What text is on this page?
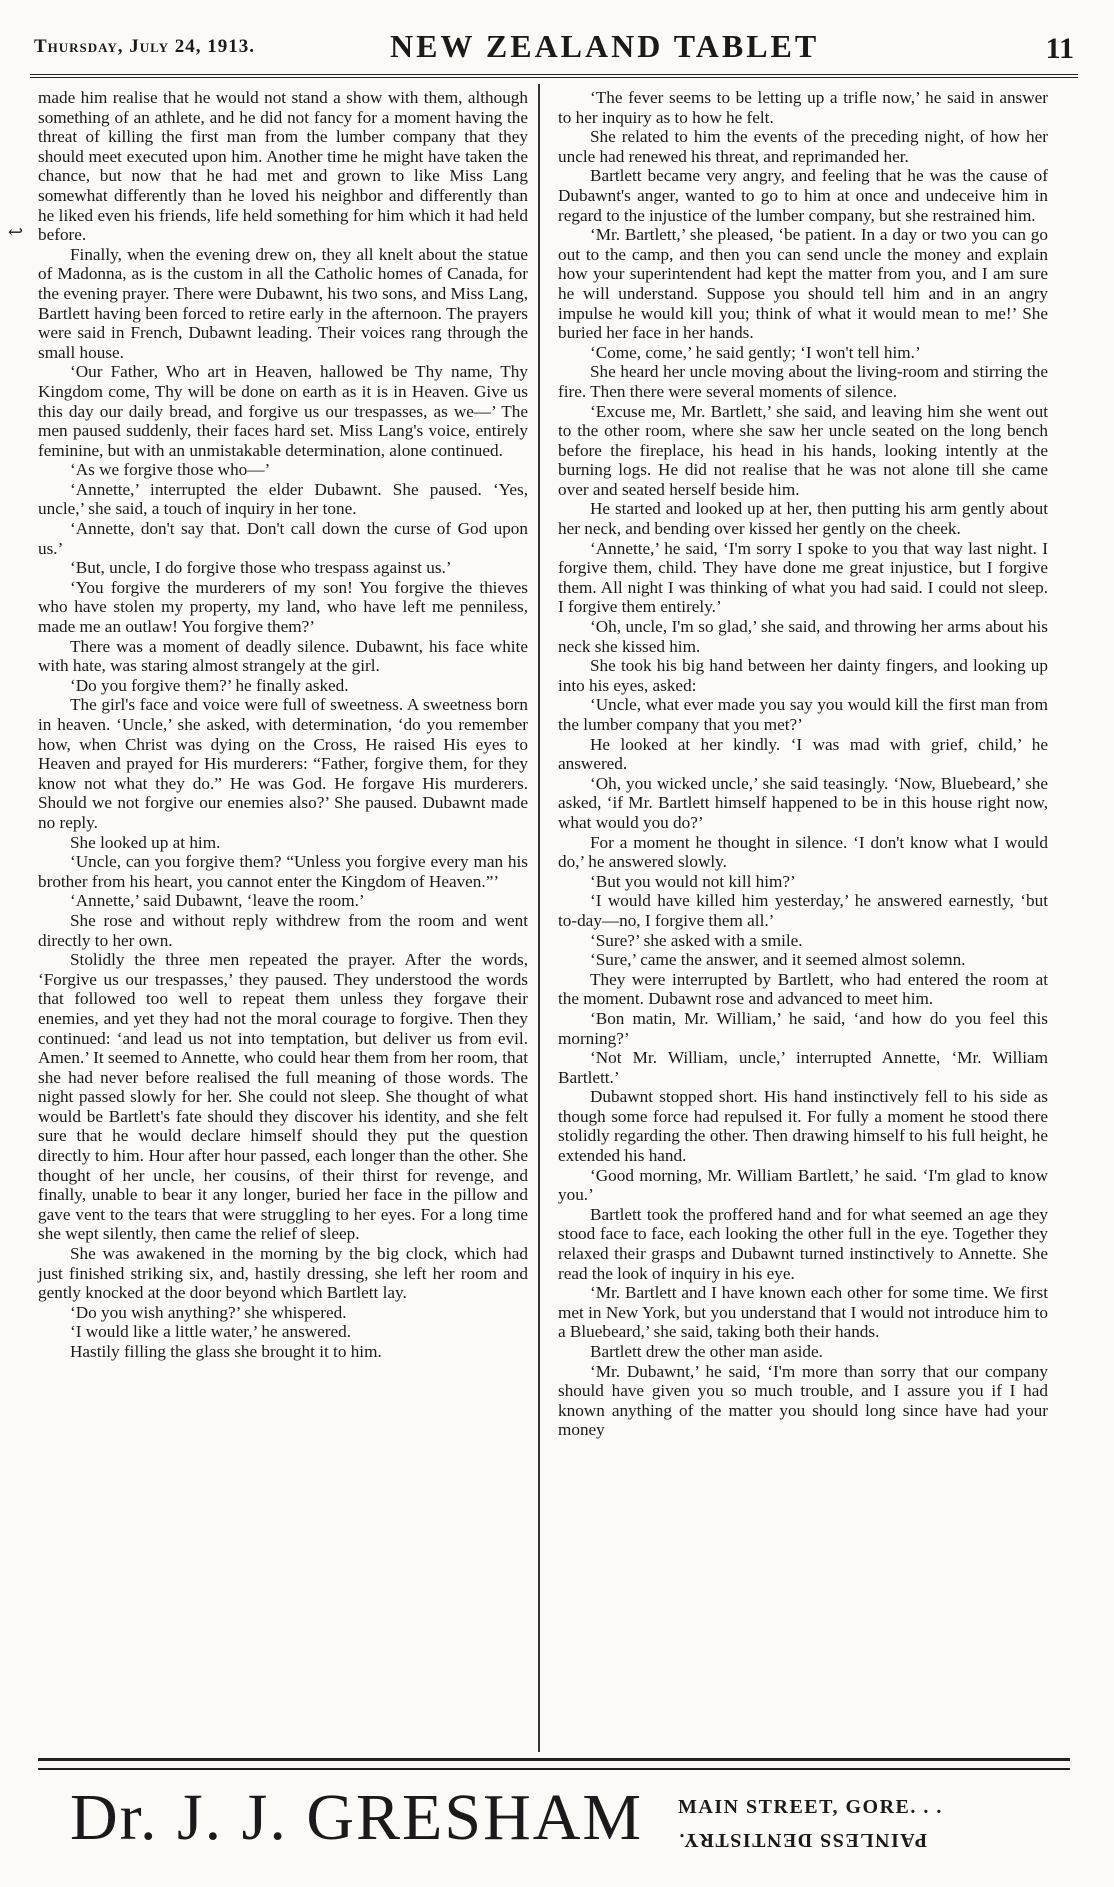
Thursday, July 24, 1913.	NEW ZEALAND TABLET	11
↩

made him realise that he would not stand a show with them, although something of an athlete, and he did not fancy for a moment having the threat of killing the first man from the lumber company that they should meet executed upon him. Another time he might have taken the chance, but now that he had met and grown to like Miss Lang somewhat differently than he loved his neighbor and differently than he liked even his friends, life held something for him which it had held before.

Finally, when the evening drew on, they all knelt about the statue of Madonna, as is the custom in all the Catholic homes of Canada, for the evening prayer. There were Dubawnt, his two sons, and Miss Lang, Bartlett having been forced to retire early in the afternoon. The prayers were said in French, Dubawnt leading. Their voices rang through the small house.

‘Our Father, Who art in Heaven, hallowed be Thy name, Thy Kingdom come, Thy will be done on earth as it is in Heaven. Give us this day our daily bread, and forgive us our trespasses, as we—’ The men paused suddenly, their faces hard set. Miss Lang's voice, entirely feminine, but with an unmistakable determination, alone continued.

‘As we forgive those who—’

‘Annette,’ interrupted the elder Dubawnt. She paused. ‘Yes, uncle,’ she said, a touch of inquiry in her tone.

‘Annette, don't say that. Don't call down the curse of God upon us.’

‘But, uncle, I do forgive those who trespass against us.’

‘You forgive the murderers of my son! You forgive the thieves who have stolen my property, my land, who have left me penniless, made me an outlaw! You forgive them?’

There was a moment of deadly silence. Dubawnt, his face white with hate, was staring almost strangely at the girl.

‘Do you forgive them?’ he finally asked.

The girl's face and voice were full of sweetness. A sweetness born in heaven. ‘Uncle,’ she asked, with determination, ‘do you remember how, when Christ was dying on the Cross, He raised His eyes to Heaven and prayed for His murderers: “Father, forgive them, for they know not what they do.” He was God. He forgave His murderers. Should we not forgive our enemies also?’ She paused. Dubawnt made no reply.

She looked up at him.

‘Uncle, can you forgive them? “Unless you forgive every man his brother from his heart, you cannot enter the Kingdom of Heaven.”’

‘Annette,’ said Dubawnt, ‘leave the room.’

She rose and without reply withdrew from the room and went directly to her own.

Stolidly the three men repeated the prayer. After the words, ‘Forgive us our trespasses,’ they paused. They understood the words that followed too well to repeat them unless they forgave their enemies, and yet they had not the moral courage to forgive. Then they continued: ‘and lead us not into temptation, but deliver us from evil. Amen.’ It seemed to Annette, who could hear them from her room, that she had never before realised the full meaning of those words. The night passed slowly for her. She could not sleep. She thought of what would be Bartlett's fate should they discover his identity, and she felt sure that he would declare himself should they put the question directly to him. Hour after hour passed, each longer than the other. She thought of her uncle, her cousins, of their thirst for revenge, and finally, unable to bear it any longer, buried her face in the pillow and gave vent to the tears that were struggling to her eyes. For a long time she wept silently, then came the relief of sleep.

She was awakened in the morning by the big clock, which had just finished striking six, and, hastily dressing, she left her room and gently knocked at the door beyond which Bartlett lay.

‘Do you wish anything?’ she whispered.

‘I would like a little water,’ he answered.

Hastily filling the glass she brought it to him.

‘The fever seems to be letting up a trifle now,’ he said in answer to her inquiry as to how he felt.

She related to him the events of the preceding night, of how her uncle had renewed his threat, and reprimanded her.

Bartlett became very angry, and feeling that he was the cause of Dubawnt's anger, wanted to go to him at once and undeceive him in regard to the injustice of the lumber company, but she restrained him.

‘Mr. Bartlett,’ she pleased, ‘be patient. In a day or two you can go out to the camp, and then you can send uncle the money and explain how your superintendent had kept the matter from you, and I am sure he will understand. Suppose you should tell him and in an angry impulse he would kill you; think of what it would mean to me!’ She buried her face in her hands.

‘Come, come,’ he said gently; ‘I won't tell him.’

She heard her uncle moving about the living-room and stirring the fire. Then there were several moments of silence.

‘Excuse me, Mr. Bartlett,’ she said, and leaving him she went out to the other room, where she saw her uncle seated on the long bench before the fireplace, his head in his hands, looking intently at the burning logs. He did not realise that he was not alone till she came over and seated herself beside him.

He started and looked up at her, then putting his arm gently about her neck, and bending over kissed her gently on the cheek.

‘Annette,’ he said, ‘I'm sorry I spoke to you that way last night. I forgive them, child. They have done me great injustice, but I forgive them. All night I was thinking of what you had said. I could not sleep. I forgive them entirely.’

‘Oh, uncle, I'm so glad,’ she said, and throwing her arms about his neck she kissed him.

She took his big hand between her dainty fingers, and looking up into his eyes, asked:

‘Uncle, what ever made you say you would kill the first man from the lumber company that you met?’

He looked at her kindly. ‘I was mad with grief, child,’ he answered.

‘Oh, you wicked uncle,’ she said teasingly. ‘Now, Bluebeard,’ she asked, ‘if Mr. Bartlett himself happened to be in this house right now, what would you do?’

For a moment he thought in silence. ‘I don't know what I would do,’ he answered slowly.

‘But you would not kill him?’

‘I would have killed him yesterday,’ he answered earnestly, ‘but to-day—no, I forgive them all.’

‘Sure?’ she asked with a smile.

‘Sure,’ came the answer, and it seemed almost solemn.

They were interrupted by Bartlett, who had entered the room at the moment. Dubawnt rose and advanced to meet him.

‘Bon matin, Mr. William,’ he said, ‘and how do you feel this morning?’

‘Not Mr. William, uncle,’ interrupted Annette, ‘Mr. William Bartlett.’

Dubawnt stopped short. His hand instinctively fell to his side as though some force had repulsed it. For fully a moment he stood there stolidly regarding the other. Then drawing himself to his full height, he extended his hand.

‘Good morning, Mr. William Bartlett,’ he said. ‘I'm glad to know you.’

Bartlett took the proffered hand and for what seemed an age they stood face to face, each looking the other full in the eye. Together they relaxed their grasps and Dubawnt turned instinctively to Annette. She read the look of inquiry in his eye.

‘Mr. Bartlett and I have known each other for some time. We first met in New York, but you understand that I would not introduce him to a Bluebeard,’ she said, taking both their hands.

Bartlett drew the other man aside.

‘Mr. Dubawnt,’ he said, ‘I'm more than sorry that our company should have given you so much trouble, and I assure you if I had known anything of the matter you should long since have had your money

Dr. J. J. GRESHAM MAIN STREET, GORE. . .
PAINLESS DENTISTRY.
